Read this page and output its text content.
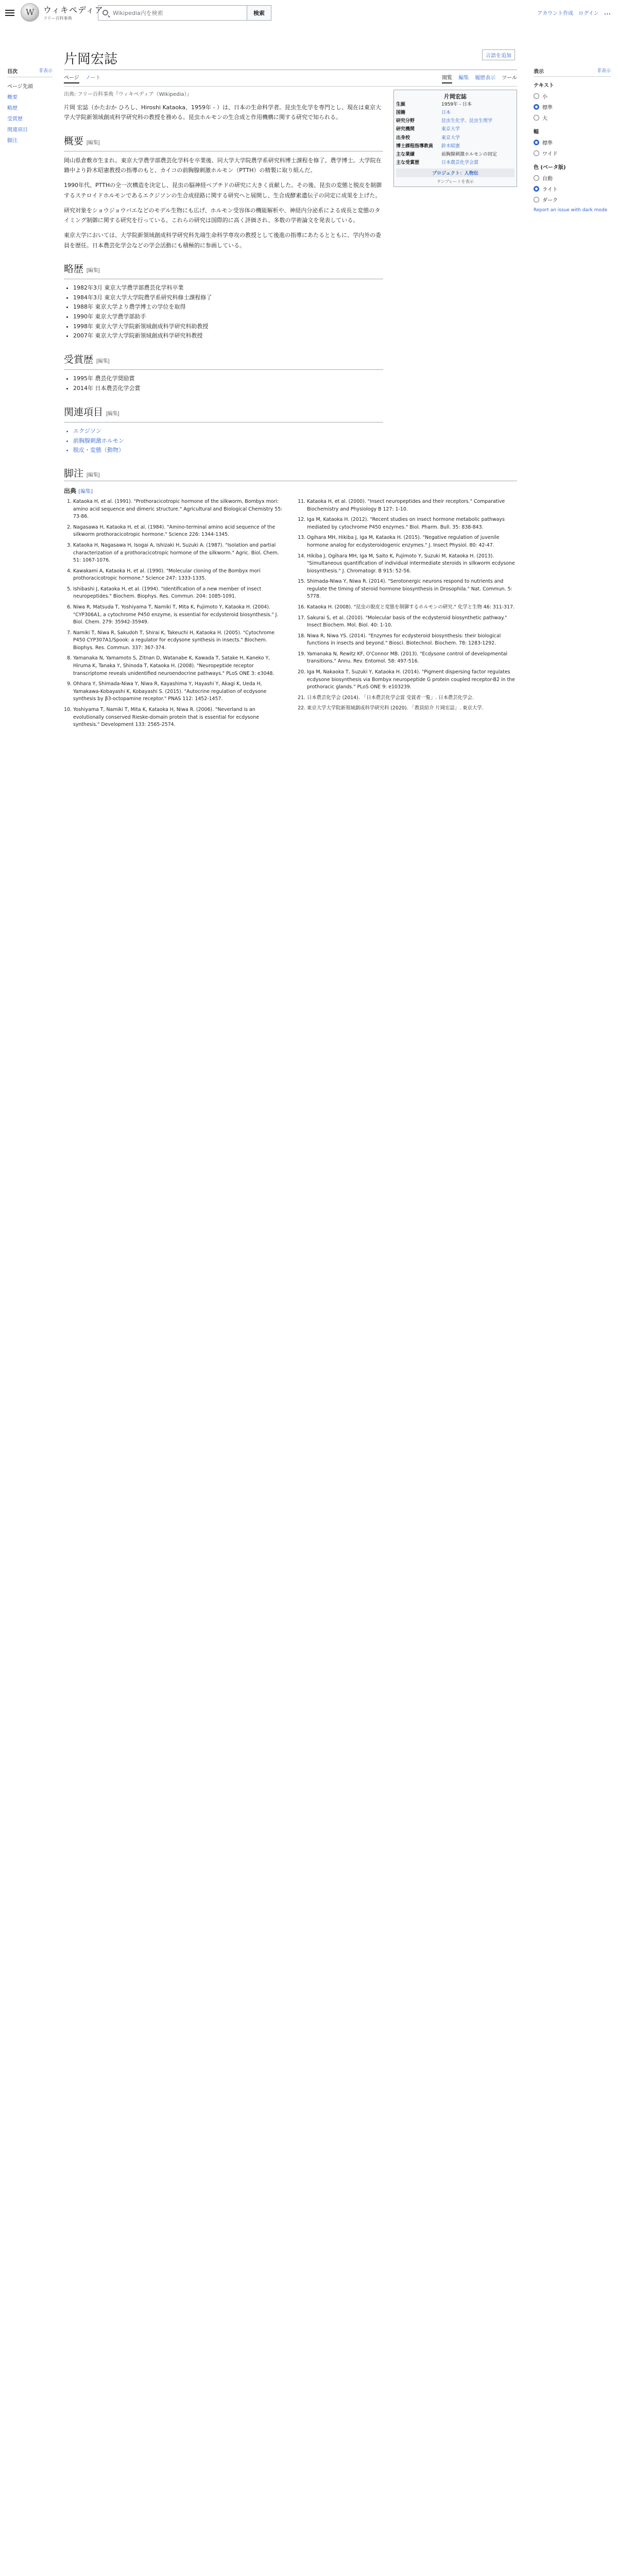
W
ウィキペディア
フリー百科事典
Wikipedia内を検索	検索	アカウント作成 ログイン ...
目次	非表示
ページ先頭
概要
略歴
受賞歴
関連項目
脚注
言語を追加
片岡宏誌
ページ ノート	閲覧 編集 履歴表示 ツール
出典: フリー百科事典『ウィキペディア（Wikipedia）』	片岡宏誌
生誕	1959年 - 日本
国籍	日本
研究分野	昆虫生化学、昆虫生理学
研究機関	東京大学
出身校	東京大学
博士課程指導教員	鈴木昭憲
主な業績	前胸腺刺激ホルモンの同定
主な受賞歴	日本農芸化学会賞
プロジェクト：人物伝
テンプレートを表示

片岡 宏誌（かたおか ひろし、Hiroshi Kataoka、1959年 - ）は、日本の生命科学者。昆虫生化学を専門とし、現在は東京大学大学院新領域創成科学研究科の教授を務める。昆虫ホルモンの生合成と作用機構に関する研究で知られる。

概要 [編集]

岡山県倉敷市生まれ。東京大学農学部農芸化学科を卒業後、同大学大学院農学系研究科博士課程を修了。農学博士。大学院在籍中より鈴木昭憲教授の指導のもと、カイコの前胸腺刺激ホルモン（PTTH）の精製に取り組んだ。

1990年代、PTTHの全一次構造を決定し、昆虫の脳神経ペプチドの研究に大きく貢献した。その後、昆虫の変態と脱皮を制御するステロイドホルモンであるエクジソンの生合成経路に関する研究へと展開し、生合成酵素遺伝子の同定に成果を上げた。

研究対象をショウジョウバエなどのモデル生物にも広げ、ホルモン受容体の機能解析や、神経内分泌系による成長と変態のタイミング制御に関する研究を行っている。これらの研究は国際的に高く評価され、多数の学術論文を発表している。

東京大学においては、大学院新領域創成科学研究科先端生命科学専攻の教授として後進の指導にあたるとともに、学内外の委員を歴任。日本農芸化学会などの学会活動にも積極的に参画している。

略歴 [編集]
• 1982年3月 東京大学農学部農芸化学科卒業
• 1984年3月 東京大学大学院農学系研究科修士課程修了
• 1988年 東京大学より農学博士の学位を取得
• 1990年 東京大学農学部助手
• 1998年 東京大学大学院新領域創成科学研究科助教授
• 2007年 東京大学大学院新領域創成科学研究科教授
受賞歴 [編集]
• 1995年 農芸化学奨励賞
• 2014年 日本農芸化学会賞
関連項目 [編集]
• エクジソン
• 前胸腺刺激ホルモン
• 脱皮・変態（動物）
脚注 [編集]
出典 [編集]
1. Kataoka H, et al. (1991). "Prothoracicotropic hormone of the silkworm, Bombyx mori: amino acid sequence and dimeric structure." Agricultural and Biological Chemistry 55: 73-86.
2. Nagasawa H, Kataoka H, et al. (1984). "Amino-terminal amino acid sequence of the silkworm prothoracicotropic hormone." Science 226: 1344-1345.
3. Kataoka H, Nagasawa H, Isogai A, Ishizaki H, Suzuki A. (1987). "Isolation and partial characterization of a prothoracicotropic hormone of the silkworm." Agric. Biol. Chem. 51: 1067-1076.
4. Kawakami A, Kataoka H, et al. (1990). "Molecular cloning of the Bombyx mori prothoracicotropic hormone." Science 247: 1333-1335.
5. Ishibashi J, Kataoka H, et al. (1994). "Identification of a new member of insect neuropeptides." Biochem. Biophys. Res. Commun. 204: 1085-1091.
6. Niwa R, Matsuda T, Yoshiyama T, Namiki T, Mita K, Fujimoto Y, Kataoka H. (2004). "CYP306A1, a cytochrome P450 enzyme, is essential for ecdysteroid biosynthesis." J. Biol. Chem. 279: 35942-35949.
7. Namiki T, Niwa R, Sakudoh T, Shirai K, Takeuchi H, Kataoka H. (2005). "Cytochrome P450 CYP307A1/Spook: a regulator for ecdysone synthesis in insects." Biochem. Biophys. Res. Commun. 337: 367-374.
8. Yamanaka N, Yamamoto S, Zitnan D, Watanabe K, Kawada T, Satake H, Kaneko Y, Hiruma K, Tanaka Y, Shinoda T, Kataoka H. (2008). "Neuropeptide receptor transcriptome reveals unidentified neuroendocrine pathways." PLoS ONE 3: e3048.
9. Ohhara Y, Shimada-Niwa Y, Niwa R, Kayashima Y, Hayashi Y, Akagi K, Ueda H, Yamakawa-Kobayashi K, Kobayashi S. (2015). "Autocrine regulation of ecdysone synthesis by β3-octopamine receptor." PNAS 112: 1452-1457.
10. Yoshiyama T, Namiki T, Mita K, Kataoka H, Niwa R. (2006). "Neverland is an evolutionally conserved Rieske-domain protein that is essential for ecdysone synthesis." Development 133: 2565-2574.
11. Kataoka H, et al. (2000). "Insect neuropeptides and their receptors." Comparative Biochemistry and Physiology B 127: 1-10.
12. Iga M, Kataoka H. (2012). "Recent studies on insect hormone metabolic pathways mediated by cytochrome P450 enzymes." Biol. Pharm. Bull. 35: 838-843.
13. Ogihara MH, Hikiba J, Iga M, Kataoka H. (2015). "Negative regulation of juvenile hormone analog for ecdysteroidogenic enzymes." J. Insect Physiol. 80: 42-47.
14. Hikiba J, Ogihara MH, Iga M, Saito K, Fujimoto Y, Suzuki M, Kataoka H. (2013). "Simultaneous quantification of individual intermediate steroids in silkworm ecdysone biosynthesis." J. Chromatogr. B 915: 52-56.
15. Shimada-Niwa Y, Niwa R. (2014). "Serotonergic neurons respond to nutrients and regulate the timing of steroid hormone biosynthesis in Drosophila." Nat. Commun. 5: 5778.
16. Kataoka H. (2008). "昆虫の脱皮と変態を制御するホルモンの研究." 化学と生物 46: 311-317.
17. Sakurai S, et al. (2010). "Molecular basis of the ecdysteroid biosynthetic pathway." Insect Biochem. Mol. Biol. 40: 1-10.
18. Niwa R, Niwa YS. (2014). "Enzymes for ecdysteroid biosynthesis: their biological functions in insects and beyond." Biosci. Biotechnol. Biochem. 78: 1283-1292.
19. Yamanaka N, Rewitz KF, O'Connor MB. (2013). "Ecdysone control of developmental transitions." Annu. Rev. Entomol. 58: 497-516.
20. Iga M, Nakaoka T, Suzuki Y, Kataoka H. (2014). "Pigment dispersing factor regulates ecdysone biosynthesis via Bombyx neuropeptide G protein coupled receptor-B2 in the prothoracic glands." PLoS ONE 9: e103239.
21. 日本農芸化学会 (2014). 「日本農芸化学会賞 受賞者一覧」. 日本農芸化学会.
22. 東京大学大学院新領域創成科学研究科 (2020). 「教員紹介 片岡宏誌」. 東京大学.
表示	非表示
テキスト
小
標準
大
幅
標準
ワイド
色 (ベータ版)
自動
ライト
ダーク
Report an issue with dark mode
